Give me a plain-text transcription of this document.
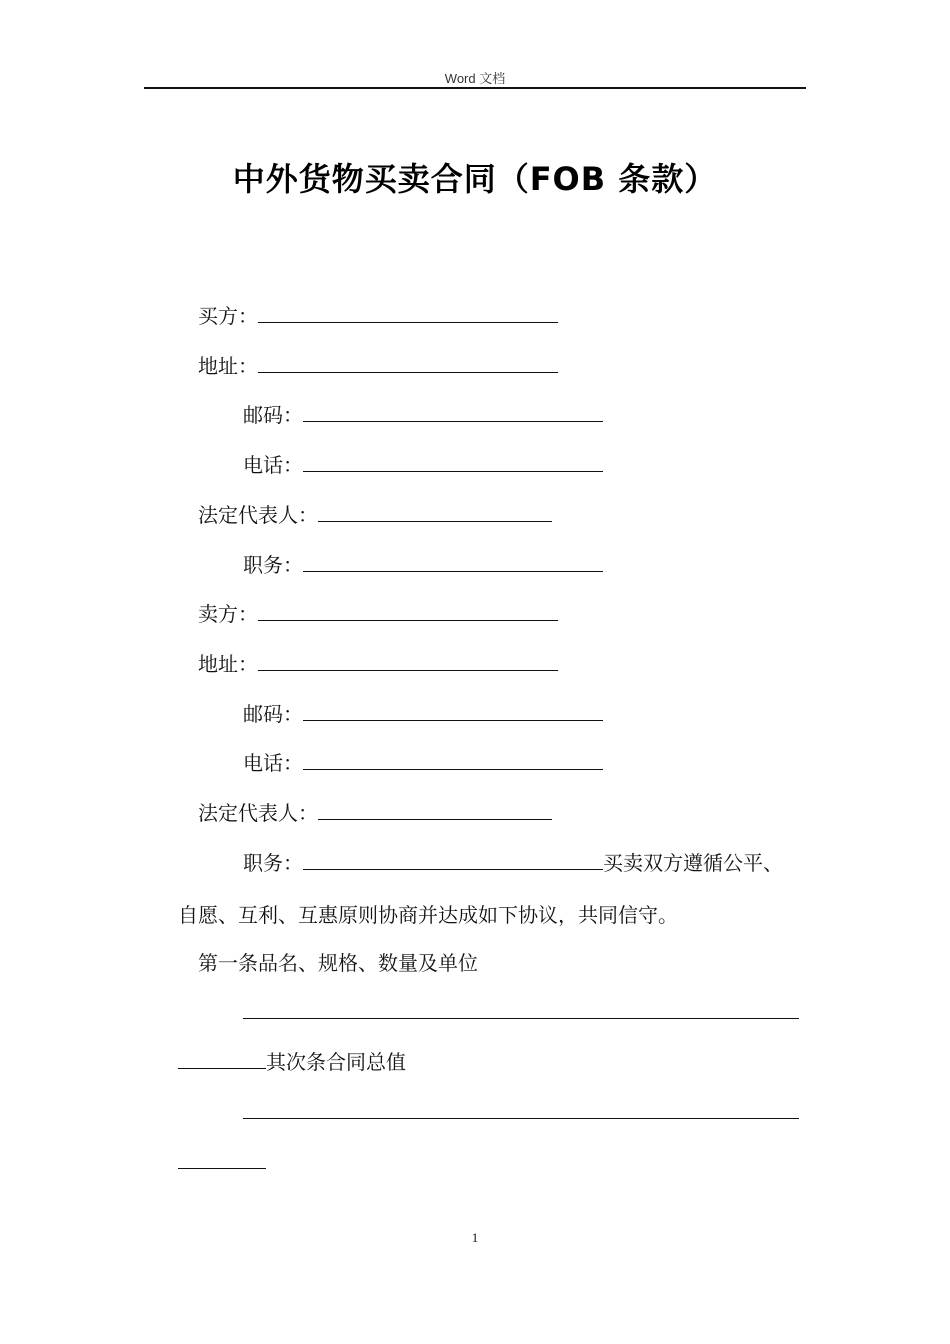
Word 文档
中外货物买卖合同（FOB 条款）
买方：
地址：
邮码：
电话：
法定代表人：
职务：
卖方：
地址：
邮码：
电话：
法定代表人：
职务：	买卖双方遵循公平、
自愿、互利、互惠原则协商并达成如下协议，共同信守。
第一条品名、规格、数量及单位
其次条合同总值
1
